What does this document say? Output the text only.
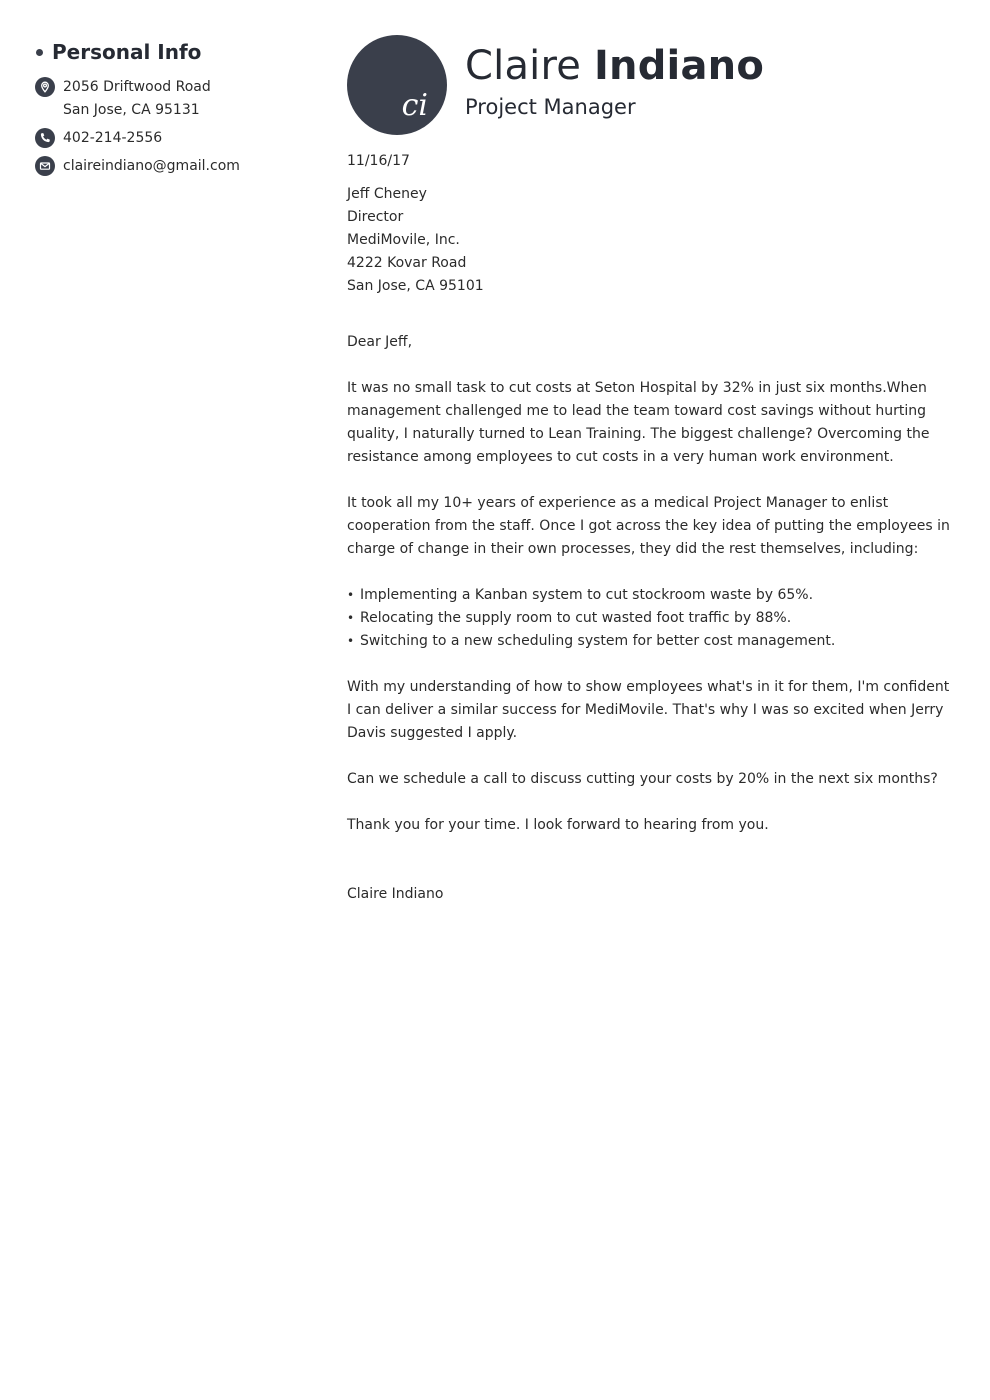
Personal Info
2056 Driftwood Road
San Jose, CA 95131
402-214-2556
claireindiano@gmail.com
ci
Claire Indiano
Project Manager
11/16/17
Jeff Cheney
Director
MediMovile, Inc.
4222 Kovar Road
San Jose, CA 95101
Dear Jeff,

It was no small task to cut costs at Seton Hospital by 32% in just six months.When management challenged me to lead the team toward cost savings without hurting quality, I naturally turned to Lean Training. The biggest challenge? Overcoming the resistance among employees to cut costs in a very human work environment.

It took all my 10+ years of experience as a medical Project Manager to enlist cooperation from the staff. Once I got across the key idea of putting the employees in charge of change in their own processes, they did the rest themselves, including:

• Implementing a Kanban system to cut stockroom waste by 65%.
• Relocating the supply room to cut wasted foot traffic by 88%.
• Switching to a new scheduling system for better cost management.

With my understanding of how to show employees what's in it for them, I'm confident I can deliver a similar success for MediMovile. That's why I was so excited when Jerry Davis suggested I apply.

Can we schedule a call to discuss cutting your costs by 20% in the next six months?

Thank you for your time. I look forward to hearing from you.

Claire Indiano
